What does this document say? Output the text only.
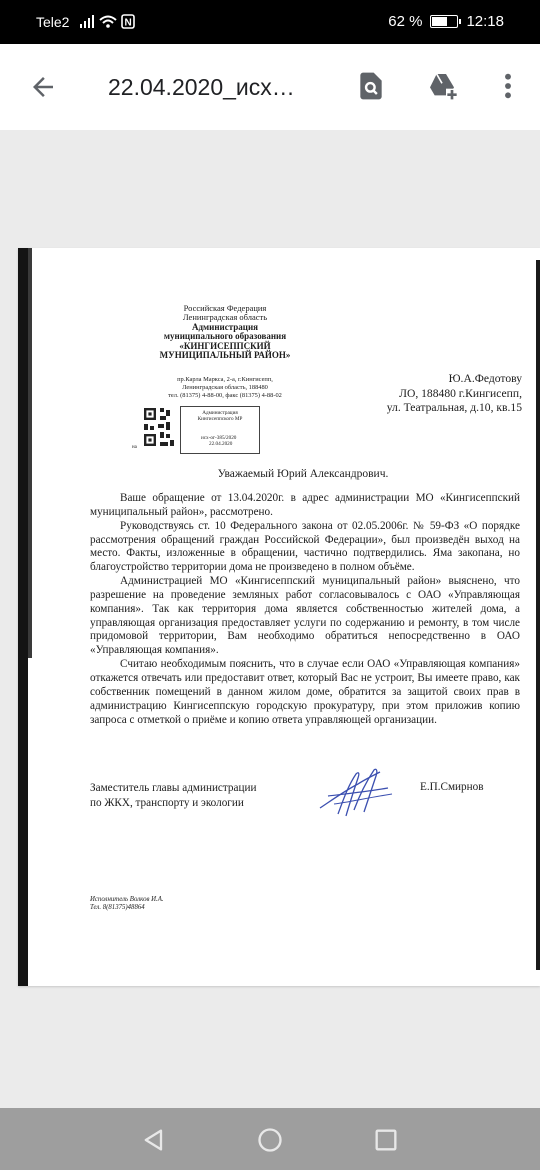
Tele2	N	62 %	12:18
22.04.2020_исх…
Российская Федерация
Ленинградская область
Администрация
муниципального образования
«КИНГИСЕППСКИЙ
МУНИЦИПАЛЬНЫЙ РАЙОН»
пр.Карла Маркса, 2-а, г.Кингисепп,
Ленинградская область, 188480
тел. (81375) 4-88-00, факс (81375) 4-88-02
Администрация
Кингисеппского МР
исх-ог-385/2020
22.04.2020
на
Ю.А.Федотову
ЛО, 188480 г.Кингисепп,
ул. Театральная, д.10, кв.15
Уважаемый Юрий Александрович.

Ваше обращение от 13.04.2020г. в адрес администрации МО «Кингисеппский муниципальный район», рассмотрено.

Руководствуясь ст. 10 Федерального закона от 02.05.2006г. № 59-ФЗ «О порядке рассмотрения обращений граждан Российской Федерации», был произведён выход на место. Факты, изложенные в обращении, частично подтвердились. Яма закопана, но благоустройство территории дома не произведено в полном объёме.

Администрацией МО «Кингисеппский муниципальный район» выяснено, что разрешение на проведение земляных работ согласовывалось с ОАО «Управляющая компания». Так как территория дома является собственностью жителей дома, а управляющая организация предоставляет услуги по содержанию и ремонту, в том числе придомовой территории, Вам необходимо обратиться непосредственно в ОАО «Управляющая компания».

Считаю необходимым пояснить, что в случае если ОАО «Управляющая компания» откажется отвечать или предоставит ответ, который Вас не устроит, Вы имеете право, как собственник помещений в данном жилом доме, обратится за защитой своих прав в администрацию Кингисеппскую городскую прокуратуру, при этом приложив копию запроса с отметкой о приёме и копию ответа управляющей организации.

Заместитель главы администрации
по ЖКХ, транспорту и экологии
Е.П.Смирнов
Исполнитель Волков И.А.
Тел. 8(81375)48864
